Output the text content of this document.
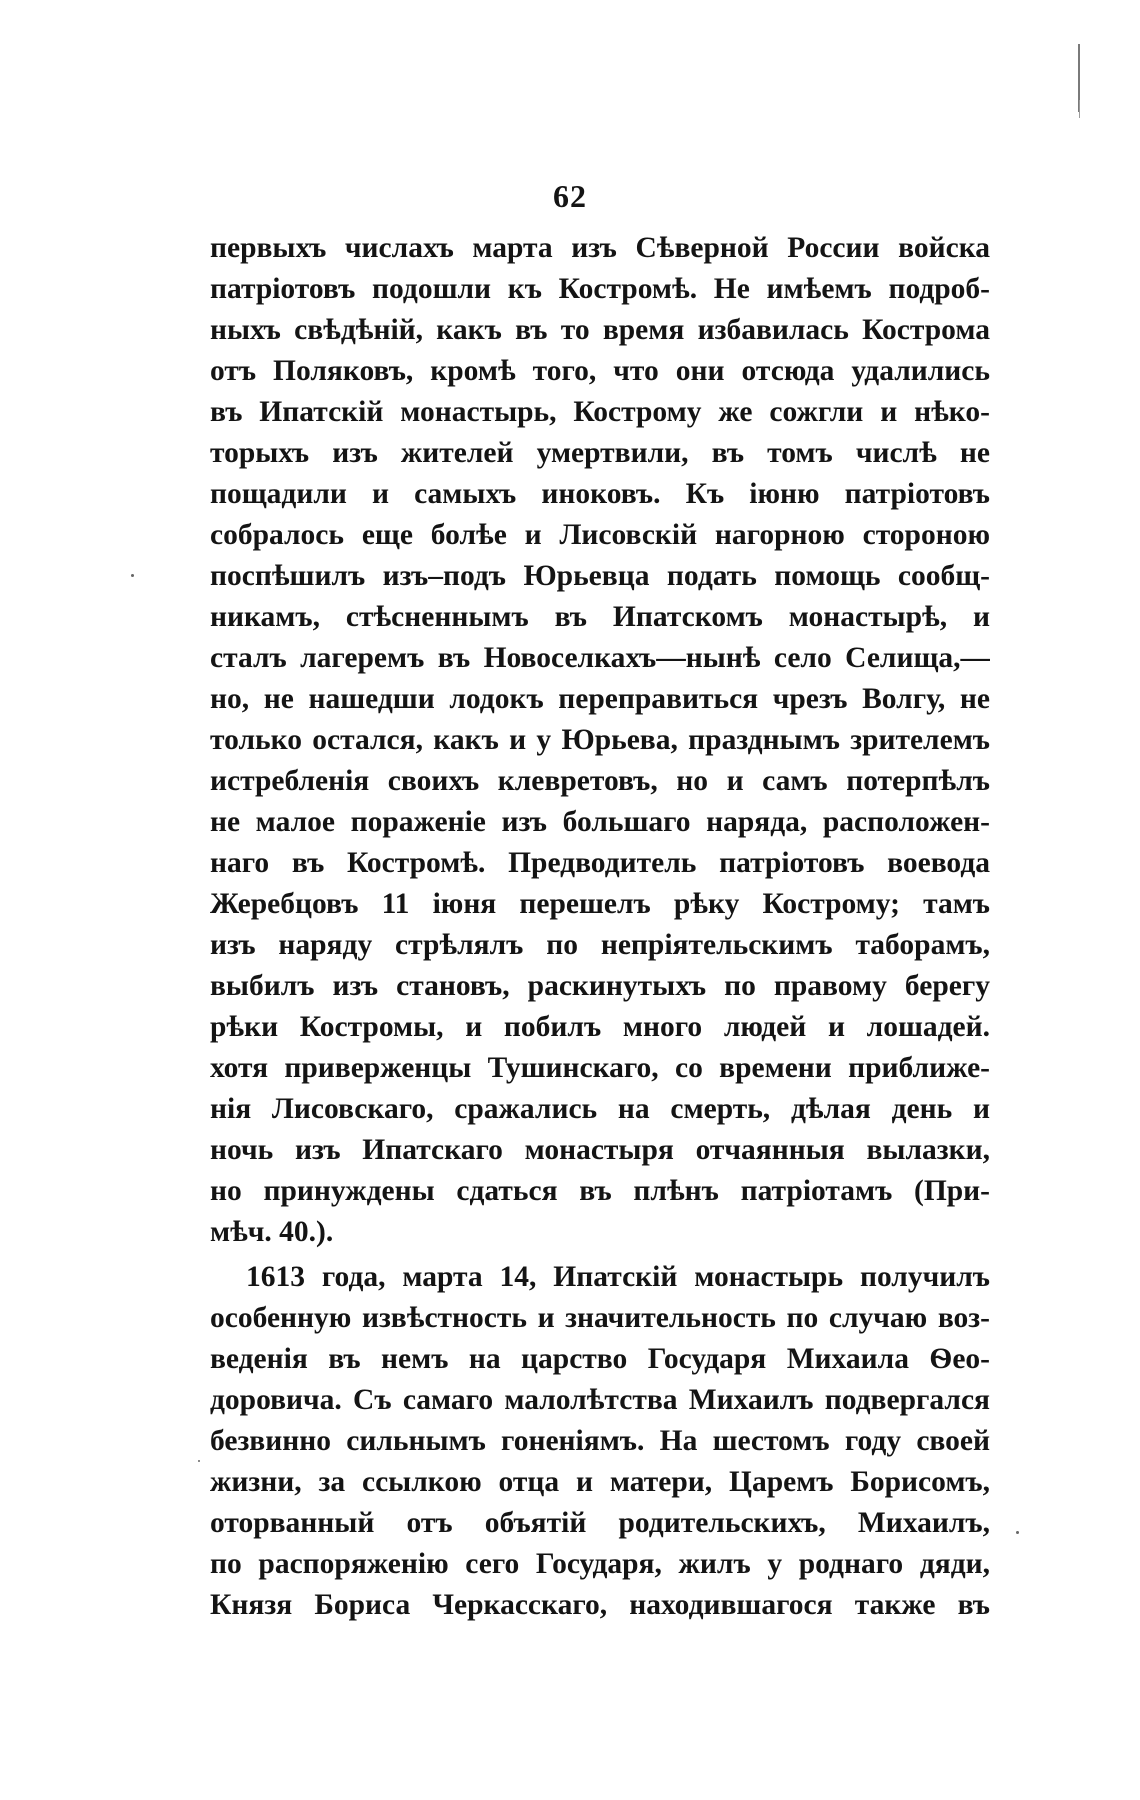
62
первыхъ числахъ марта изъ Сѣверной России войска
патріотовъ подошли къ Костромѣ. Не имѣемъ подроб-
ныхъ свѣдѣній, какъ въ то время избавилась Кострома
отъ Поляковъ, кромѣ того, что они отсюда удалились
въ Ипатскій монастырь, Кострому же сожгли и нѣко-
торыхъ изъ жителей умертвили, въ томъ числѣ не
пощадили и самыхъ иноковъ. Къ іюню патріотовъ
собралось еще болѣе и Лисовскій нагорною стороною
поспѣшилъ изъ–подъ Юрьевца подать помощь сообщ-
никамъ, стѣсненнымъ въ Ипатскомъ монастырѣ, и
сталъ лагеремъ въ Новоселкахъ—нынѣ село Селища,—
но, не нашедши лодокъ переправиться чрезъ Волгу, не
только остался, какъ и у Юрьева, празднымъ зрителемъ
истребленія своихъ клевретовъ, но и самъ потерпѣлъ
не малое пораженіе изъ большаго наряда, расположен-
наго въ Костромѣ. Предводитель патріотовъ воевода
Жеребцовъ 11 іюня перешелъ рѣку Кострому; тамъ
изъ наряду стрѣлялъ по непріятельскимъ таборамъ,
выбилъ изъ становъ, раскинутыхъ по правому берегу
рѣки Костромы, и побилъ много людей и лошадей.
хотя приверженцы Тушинскаго, со времени приближе-
нія Лисовскаго, сражались на смерть, дѣлая день и
ночь изъ Ипатскаго монастыря отчаянныя вылазки,
но принуждены сдаться въ плѣнъ патріотамъ (При-
мѣч. 40.).
1613 года, марта 14, Ипатскій монастырь получилъ
особенную извѣстность и значительность по случаю воз-
веденія въ немъ на царство Государя Михаила Ѳео-
доровича. Съ самаго малолѣтства Михаилъ подвергался
безвинно сильнымъ гоненіямъ. На шестомъ году своей
жизни, за ссылкою отца и матери, Царемъ Борисомъ,
оторванный отъ объятій родительскихъ, Михаилъ,
по распоряженію сего Государя, жилъ у роднаго дяди,
Князя Бориса Черкасскаго, находившагося также въ
